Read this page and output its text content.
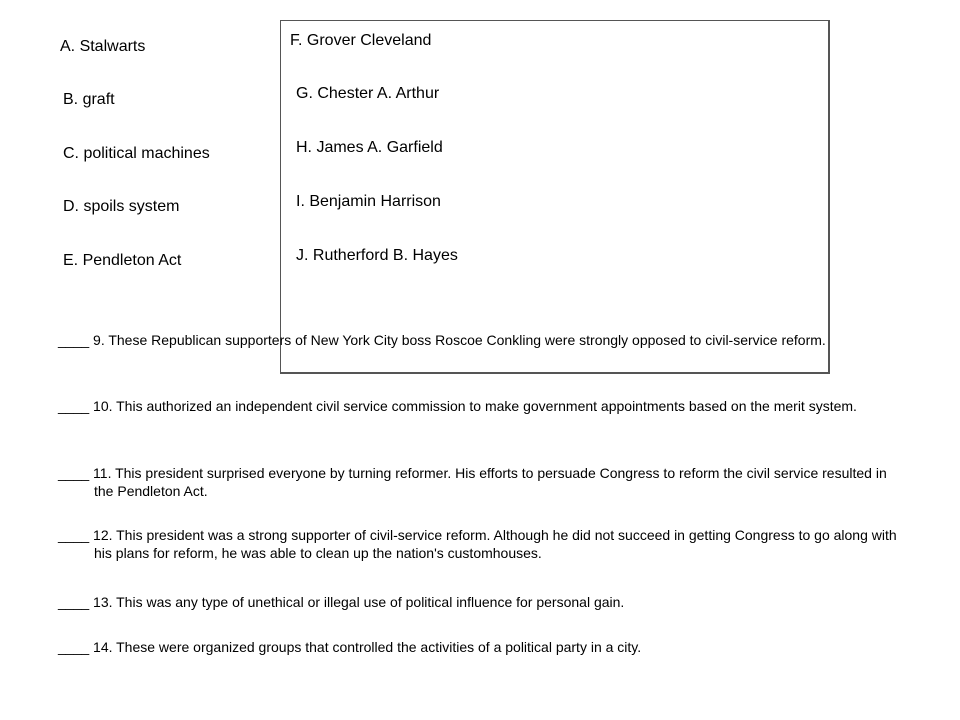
A. Stalwarts
B. graft
C. political machines
D. spoils system
E. Pendleton Act
F. Grover Cleveland
G. Chester A. Arthur
H. James A. Garfield
I. Benjamin Harrison
J. Rutherford B. Hayes
____ 9. These Republican supporters of New York City boss Roscoe Conkling were strongly opposed to civil-service reform.
____ 10. This authorized an independent civil service commission to make government appointments based on the merit system.
____ 11. This president surprised everyone by turning reformer. His efforts to persuade Congress to reform the civil service resulted in the Pendleton Act.
____ 12. This president was a strong supporter of civil-service reform. Although he did not succeed in getting Congress to go along with his plans for reform, he was able to clean up the nation's customhouses.
____ 13. This was any type of unethical or illegal use of political influence for personal gain.
____ 14. These were organized groups that controlled the activities of a political party in a city.
